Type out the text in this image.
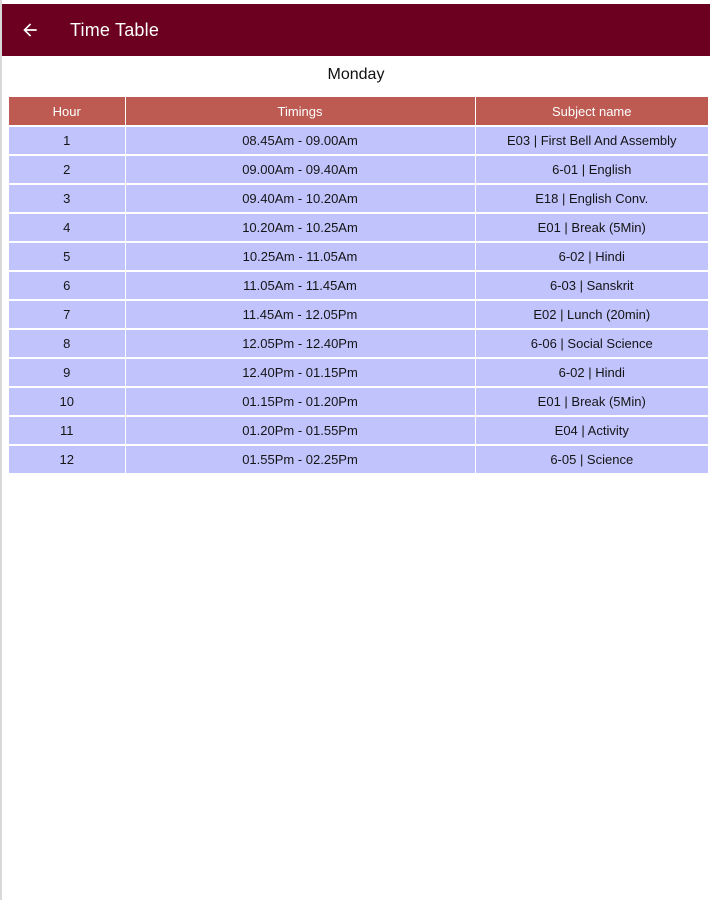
Time Table
Monday
Hour	Timings	Subject name
1	08.45Am - 09.00Am	E03 | First Bell And Assembly
2	09.00Am - 09.40Am	6-01 | English
3	09.40Am - 10.20Am	E18 | English Conv.
4	10.20Am - 10.25Am	E01 | Break (5Min)
5	10.25Am - 11.05Am	6-02 | Hindi
6	11.05Am - 11.45Am	6-03 | Sanskrit
7	11.45Am - 12.05Pm	E02 | Lunch (20min)
8	12.05Pm - 12.40Pm	6-06 | Social Science
9	12.40Pm - 01.15Pm	6-02 | Hindi
10	01.15Pm - 01.20Pm	E01 | Break (5Min)
11	01.20Pm - 01.55Pm	E04 | Activity
12	01.55Pm - 02.25Pm	6-05 | Science
